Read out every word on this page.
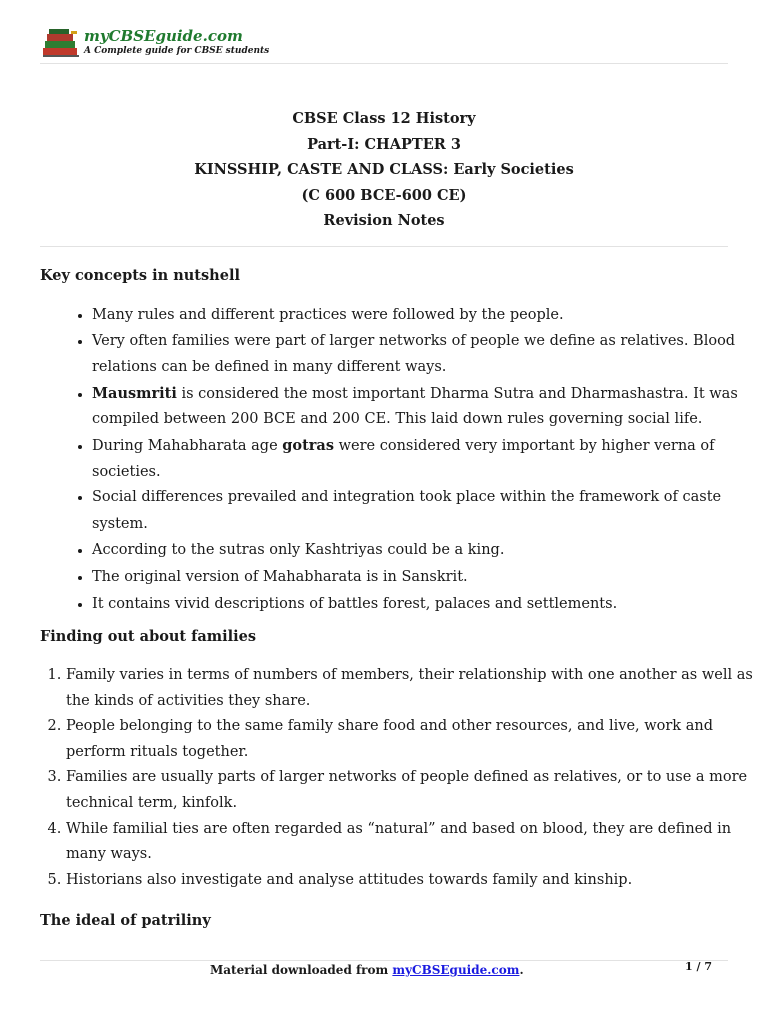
myCBSEguide.com
A Complete guide for CBSE students
CBSE Class 12 History
Part-I: CHAPTER 3
KINSSHIP, CASTE AND CLASS: Early Societies
(C 600 BCE-600 CE)
Revision Notes
Key concepts in nutshell
• Many rules and different practices were followed by the people.
• Very often families were part of larger networks of people we define as relatives. Blood relations can be defined in many different ways.
• Mausmriti is considered the most important Dharma Sutra and Dharmashastra. It was compiled between 200 BCE and 200 CE. This laid down rules governing social life.
• During Mahabharata age gotras were considered very important by higher verna of societies.
• Social differences prevailed and integration took place within the framework of caste system.
• According to the sutras only Kashtriyas could be a king.
• The original version of Mahabharata is in Sanskrit.
• It contains vivid descriptions of battles forest, palaces and settlements.
Finding out about families
1. Family varies in terms of numbers of members, their relationship with one another as well as the kinds of activities they share.
2. People belonging to the same family share food and other resources, and live, work and perform rituals together.
3. Families are usually parts of larger networks of people defined as relatives, or to use a more technical term, kinfolk.
4. While familial ties are often regarded as “natural” and based on blood, they are defined in many ways.
5. Historians also investigate and analyse attitudes towards family and kinship.
The ideal of patriliny
Material downloaded from myCBSEguide.com.	1 / 7
